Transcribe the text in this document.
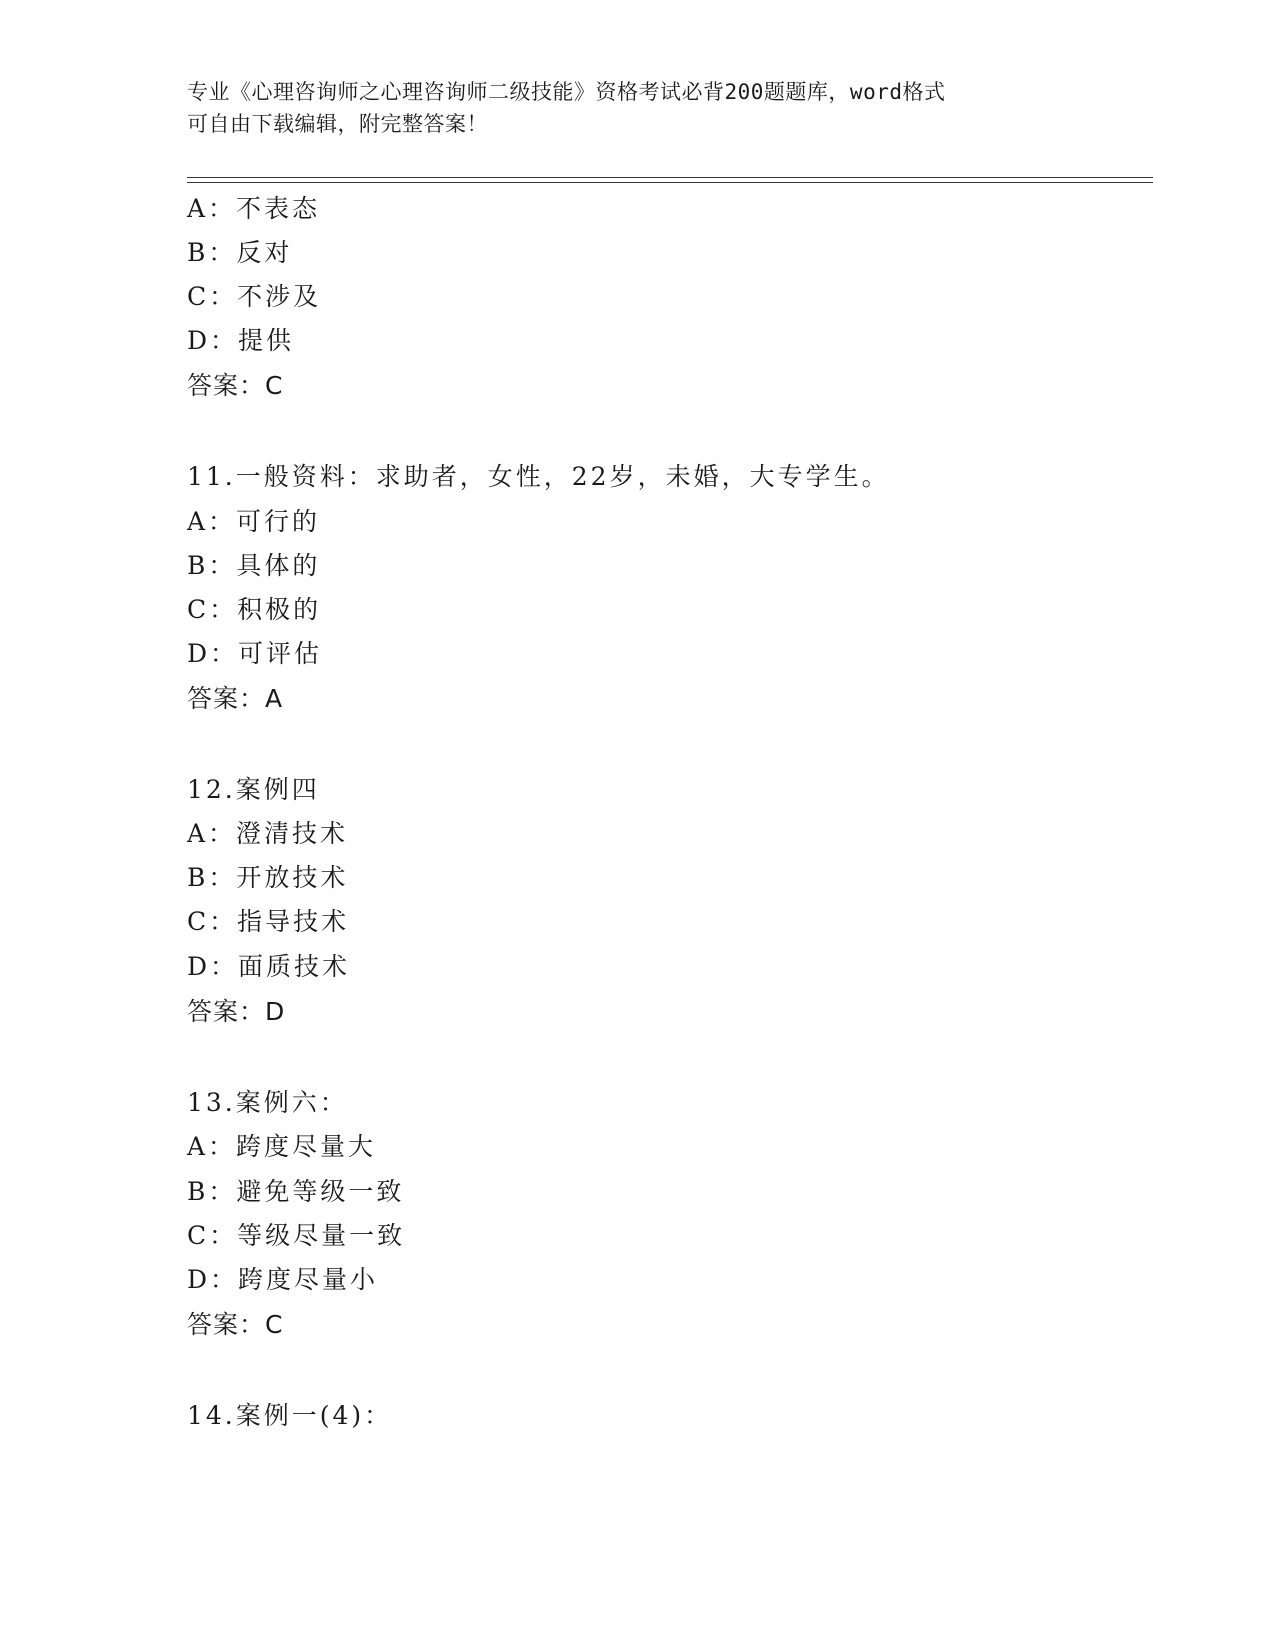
专业《心理咨询师之心理咨询师二级技能》资格考试必背200题题库，word格式
可自由下载编辑，附完整答案！
A：不表态
B：反对
C：不涉及
D：提供
答案：C
11.一般资料：求助者，女性，22岁，未婚，大专学生。
A：可行的
B：具体的
C：积极的
D：可评估
答案：A
12.案例四
A：澄清技术
B：开放技术
C：指导技术
D：面质技术
答案：D
13.案例六：
A：跨度尽量大
B：避免等级一致
C：等级尽量一致
D：跨度尽量小
答案：C
14.案例一(4)：
